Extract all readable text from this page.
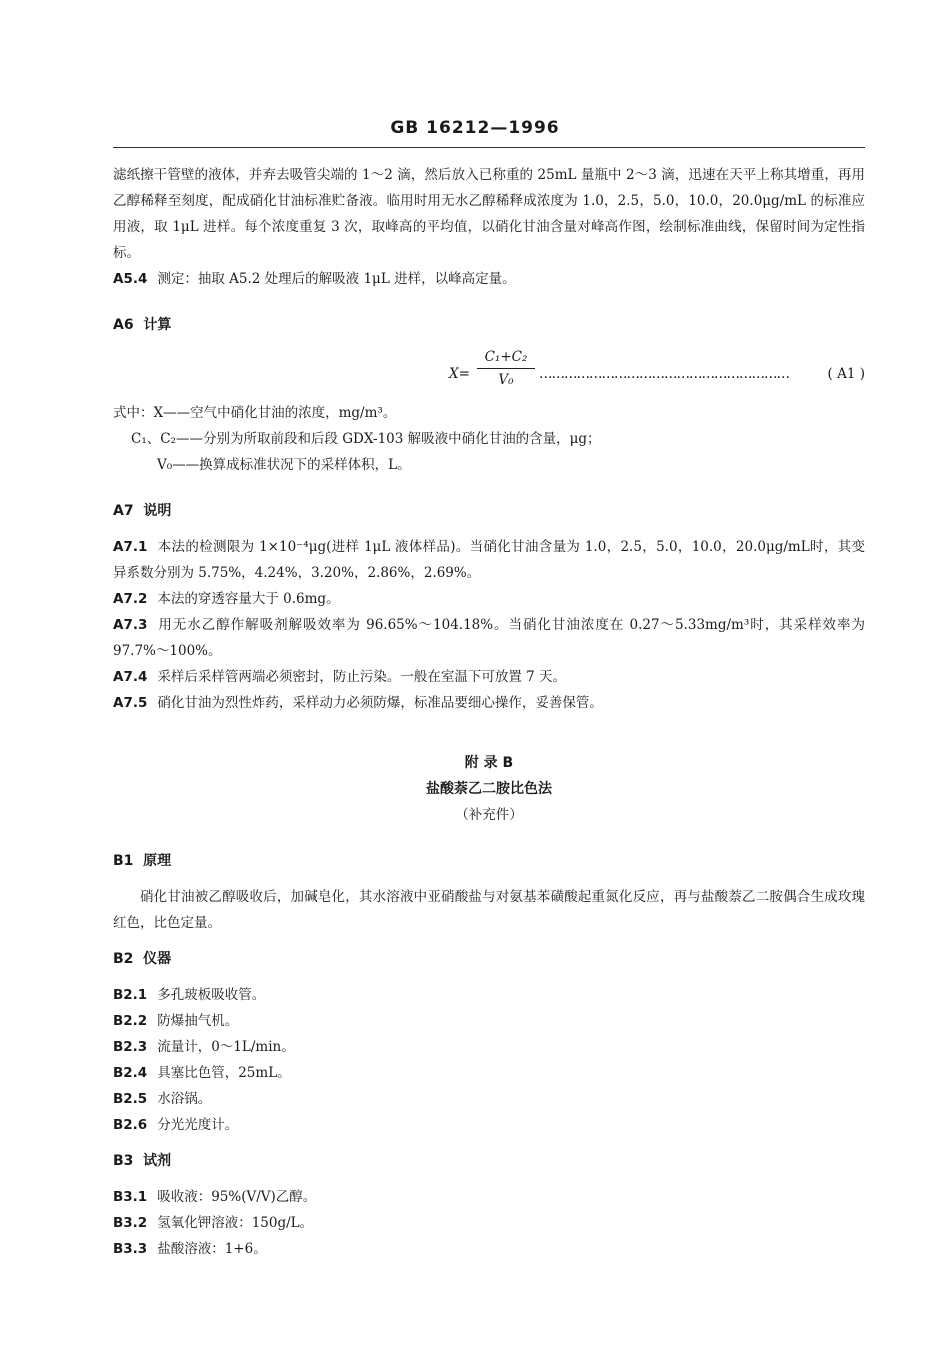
GB 16212—1996

滤纸擦干管壁的液体，并弃去吸管尖端的 1～2 滴，然后放入已称重的 25mL 量瓶中 2～3 滴，迅速在天平上称其增重，再用乙醇稀释至刻度，配成硝化甘油标准贮备液。临用时用无水乙醇稀释成浓度为 1.0，2.5，5.0，10.0，20.0μg/mL 的标准应用液，取 1μL 进样。每个浓度重复 3 次，取峰高的平均值，以硝化甘油含量对峰高作图，绘制标准曲线，保留时间为定性指标。

A5.4 测定：抽取 A5.2 处理后的解吸液 1μL 进样，以峰高定量。

A6 计算

X=
C₁+C₂
V₀	……………………………………………………	( A1 )

式中：X——空气中硝化甘油的浓度，mg/m³。

C₁、C₂——分别为所取前段和后段 GDX-103 解吸液中硝化甘油的含量，μg；

V₀——换算成标准状况下的采样体积，L。

A7 说明

A7.1 本法的检测限为 1×10⁻⁴μg(进样 1μL 液体样品)。当硝化甘油含量为 1.0，2.5，5.0，10.0，20.0μg/mL时，其变异系数分别为 5.75%，4.24%，3.20%，2.86%，2.69%。

A7.2 本法的穿透容量大于 0.6mg。

A7.3 用无水乙醇作解吸剂解吸效率为 96.65%～104.18%。当硝化甘油浓度在 0.27～5.33mg/m³时，其采样效率为 97.7%～100%。

A7.4 采样后采样管两端必须密封，防止污染。一般在室温下可放置 7 天。

A7.5 硝化甘油为烈性炸药，采样动力必须防爆，标准品要细心操作，妥善保管。

附 录 B

盐酸萘乙二胺比色法

（补充件）

B1 原理

硝化甘油被乙醇吸收后，加碱皂化，其水溶液中亚硝酸盐与对氨基苯磺酸起重氮化反应，再与盐酸萘乙二胺偶合生成玫瑰红色，比色定量。

B2 仪器

B2.1 多孔玻板吸收管。

B2.2 防爆抽气机。

B2.3 流量计，0～1L/min。

B2.4 具塞比色管，25mL。

B2.5 水浴锅。

B2.6 分光光度计。

B3 试剂

B3.1 吸收液：95%(V/V)乙醇。

B3.2 氢氧化钾溶液：150g/L。

B3.3 盐酸溶液：1+6。
